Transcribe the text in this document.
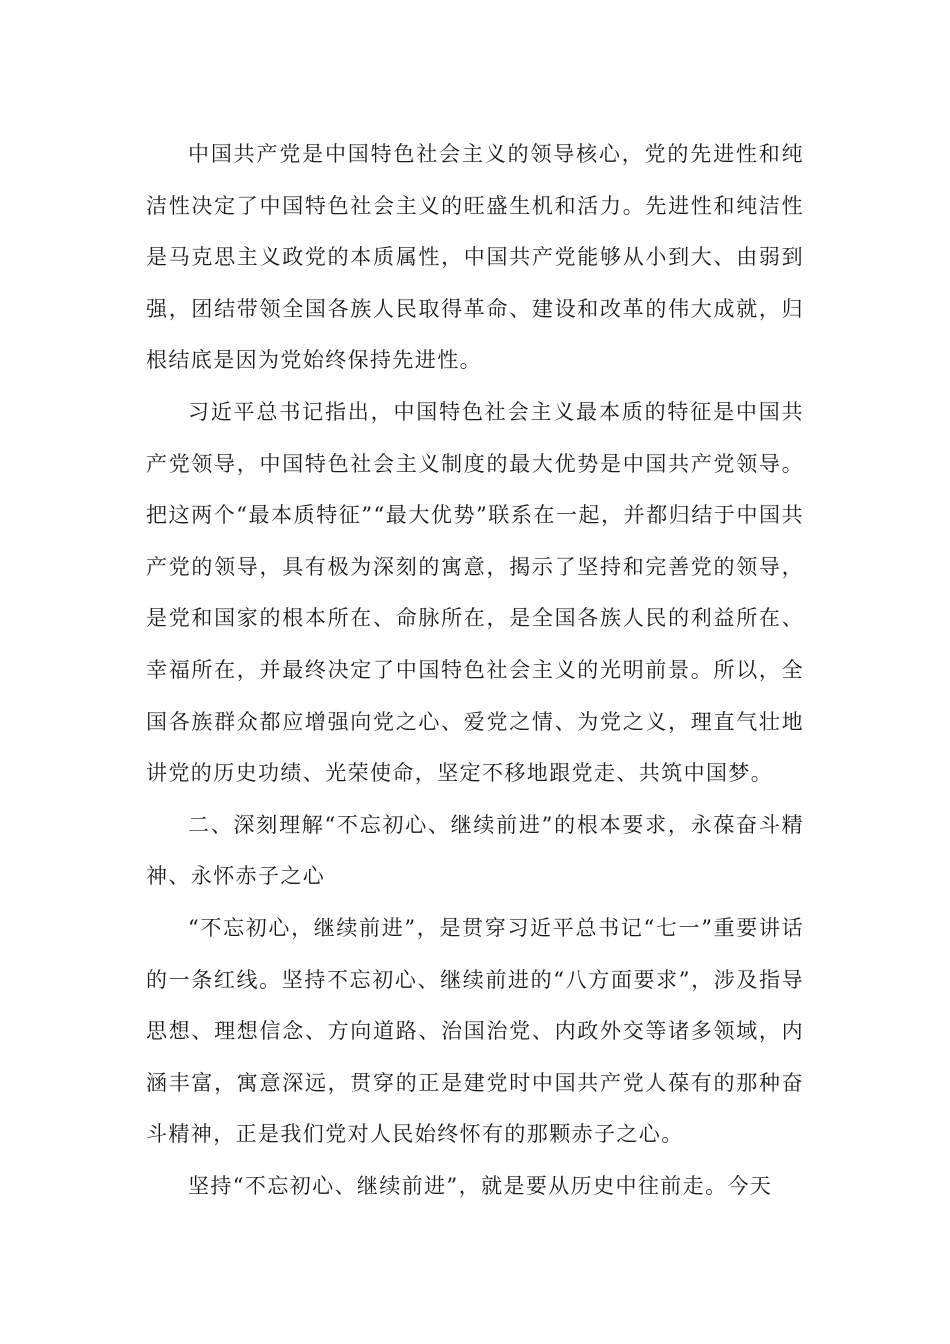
中国共产党是中国特色社会主义的领导核心，党的先进性和纯洁性决定了中国特色社会主义的旺盛生机和活力。先进性和纯洁性是马克思主义政党的本质属性，中国共产党能够从小到大、由弱到强，团结带领全国各族人民取得革命、建设和改革的伟大成就，归根结底是因为党始终保持先进性。

习近平总书记指出，中国特色社会主义最本质的特征是中国共产党领导，中国特色社会主义制度的最大优势是中国共产党领导。把这两个“最本质特征”“最大优势”联系在一起，并都归结于中国共产党的领导，具有极为深刻的寓意，揭示了坚持和完善党的领导，是党和国家的根本所在、命脉所在，是全国各族人民的利益所在、幸福所在，并最终决定了中国特色社会主义的光明前景。所以，全国各族群众都应增强向党之心、爱党之情、为党之义，理直气壮地讲党的历史功绩、光荣使命，坚定不移地跟党走、共筑中国梦。

二、深刻理解“不忘初心、继续前进”的根本要求，永葆奋斗精神、永怀赤子之心

“不忘初心，继续前进”，是贯穿习近平总书记“七一”重要讲话的一条红线。坚持不忘初心、继续前进的“八方面要求”，涉及指导思想、理想信念、方向道路、治国治党、内政外交等诸多领域，内涵丰富，寓意深远，贯穿的正是建党时中国共产党人葆有的那种奋斗精神，正是我们党对人民始终怀有的那颗赤子之心。

坚持“不忘初心、继续前进”，就是要从历史中往前走。今天
